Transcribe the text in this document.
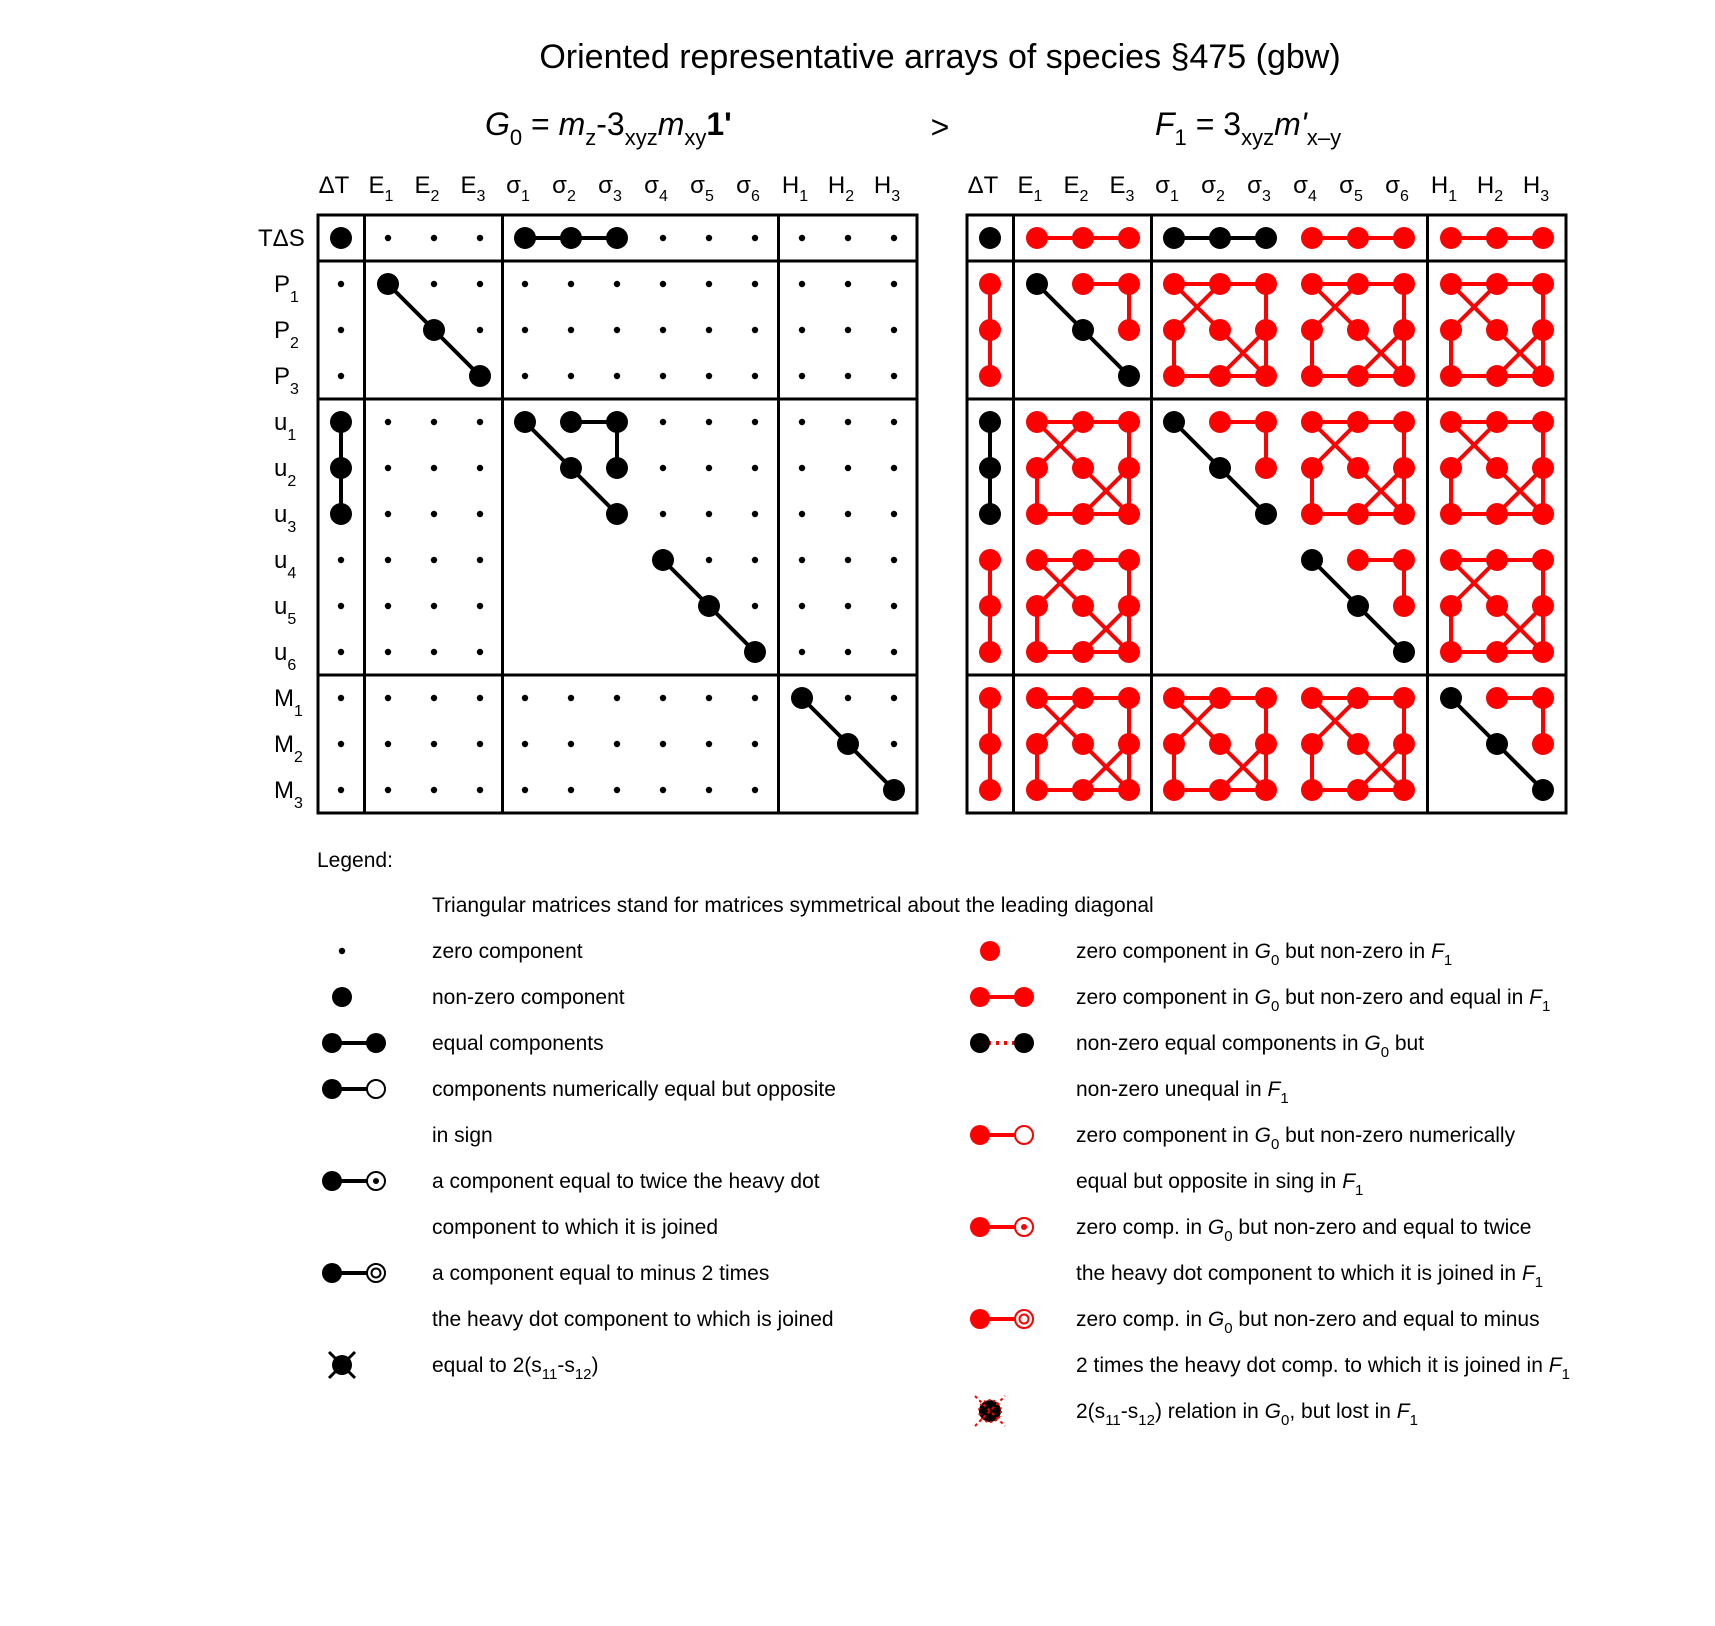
Oriented representative arrays of species §475 (gbw)
$G_0 = m_z-3_{xyz}m_{xy}1'$	>	$F_1 = 3_{xyz}m'_{x-y}$
ΔT $E_1$ $E_2$ $E_3$ $\sigma_1$ $\sigma_2$ $\sigma_3$ $\sigma_4$ $\sigma_5$ $\sigma_6$ $H_1$ $H_2$ $H_3$
TΔS
$P_1$
$P_2$
$P_3$
$u_1$
$u_2$
$u_3$
$u_4$
$u_5$
$u_6$
$M_1$
$M_2$
$M_3$
ΔT $E_1$ $E_2$ $E_3$ $\sigma_1$ $\sigma_2$ $\sigma_3$ $\sigma_4$ $\sigma_5$ $\sigma_6$ $H_1$ $H_2$ $H_3$
Legend:
Triangular matrices stand for matrices symmetrical about the leading diagonal
zero component
non-zero component
equal components
components numerically equal but opposite
in sign
a component equal to twice the heavy dot
component to which it is joined
a component equal to minus 2 times
the heavy dot component to which is joined
equal to $2(s_{11}-s_{12})$
zero component in $G_0$ but non-zero in $F_1$
zero component in $G_0$ but non-zero and equal in $F_1$
non-zero equal components in $G_0$ but
non-zero unequal in $F_1$
zero component in $G_0$ but non-zero numerically
equal but opposite in sing in $F_1$
zero comp. in $G_0$ but non-zero and equal to twice
the heavy dot component to which it is joined in $F_1$
zero comp. in $G_0$ but non-zero and equal to minus
2 times the heavy dot comp. to which it is joined in $F_1$
$2(s_{11}-s_{12})$ relation in $G_0$, but lost in $F_1$
